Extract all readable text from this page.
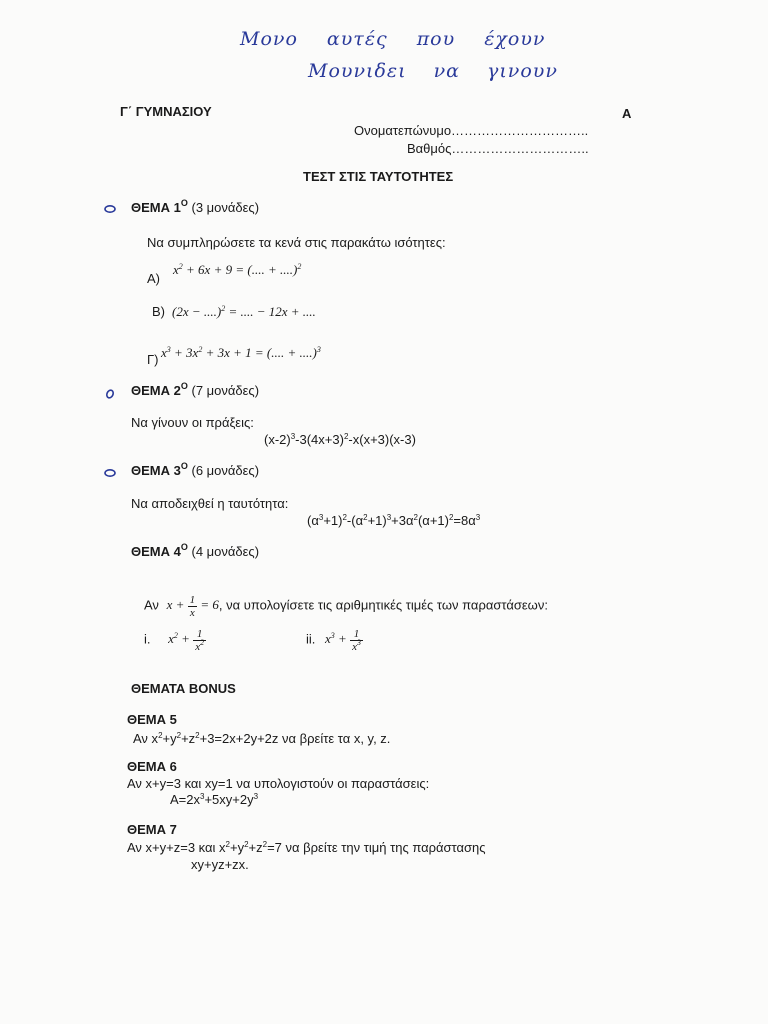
Μονο αυτές που έχουν
Μουνιδει να γινουν
Γ΄ ΓΥΜΝΑΣΙΟΥ	Α
Ονοματεπώνυμο…………………………..
Βαθμός…………………………..
ΤΕΣΤ ΣΤΙΣ ΤΑΥΤΟΤΗΤΕΣ
ΘΕΜΑ $1^O$ (3 μονάδες)
Να συμπληρώσετε τα κενά στις παρακάτω ισότητες:
Α)
$x^2 + 6x + 9$ = (.... + ....)$^2$
Β) (2x − ....)$^2$ = .... − 12x + ....
Γ) $x^3 + 3x^2 + 3x + 1$ = (.... + ....)$^3$
ΘΕΜΑ $2^O$ (7 μονάδες)
Να γίνουν οι πράξεις:
$(x-2)^3-3(4x+3)^2-x(x+3)(x-3)$
ΘΕΜΑ $3^O$ (6 μονάδες)
Να αποδειχθεί η ταυτότητα:
$(\alpha^3+1)^2-(\alpha^2+1)^3+3\alpha^2(\alpha+1)^2=8\alpha^3$
ΘΕΜΑ $4^O$ (4 μονάδες)
Αν $x + \frac{1}{x} = 6$, να υπολογίσετε τις αριθμητικές τιμές των παραστάσεων:
i. $x^2 + \frac{1}{x^2}$	ii. $x^3 + \frac{1}{x^3}$
ΘΕΜΑΤΑ BONUS
ΘΕΜΑ 5
Αν $x^2+y^2+z^2+3=2x+2y+2z$ να βρείτε τα x, y, z.
ΘΕΜΑ 6
Αν x+y=3 και xy=1 να υπολογιστούν οι παραστάσεις:
$A=2x^3+5xy+2y^3$
ΘΕΜΑ 7
Αν x+y+z=3 και $x^2+y^2+z^2=7$ να βρείτε την τιμή της παράστασης
xy+yz+zx.
